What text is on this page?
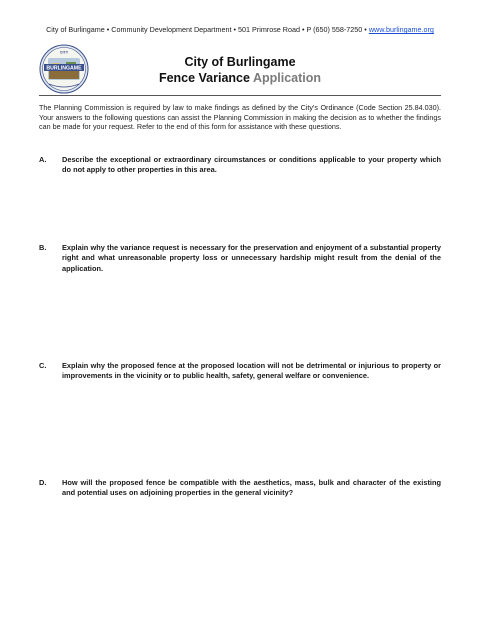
City of Burlingame • Community Development Department • 501 Primrose Road • P (650) 558-7250 • www.burlingame.org
BURLINGAME
CITY
City of Burlingame
Fence Variance Application
The Planning Commission is required by law to make findings as defined by the City's Ordinance (Code Section 25.84.030). Your answers to the following questions can assist the Planning Commission in making the decision as to whether the findings can be made for your request. Refer to the end of this form for assistance with these questions.
A.	Describe the exceptional or extraordinary circumstances or conditions applicable to your property which do not apply to other properties in this area.
B.	Explain why the variance request is necessary for the preservation and enjoyment of a substantial property right and what unreasonable property loss or unnecessary hardship might result from the denial of the application.
C.	Explain why the proposed fence at the proposed location will not be detrimental or injurious to property or improvements in the vicinity or to public health, safety, general welfare or convenience.
D.	How will the proposed fence be compatible with the aesthetics, mass, bulk and character of the existing and potential uses on adjoining properties in the general vicinity?
